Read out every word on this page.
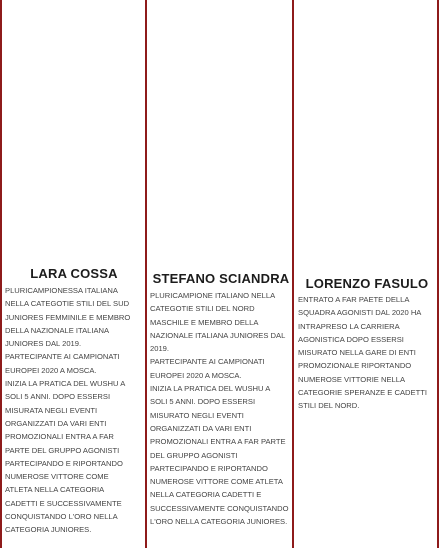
LARA COSSA

PLURICAMPIONESSA ITALIANA
NELLA CATEGOTIE STILI DEL SUD
JUNIORES FEMMINILE E MEMBRO
DELLA NAZIONALE ITALIANA
JUNIORES DAL 2019.
PARTECIPANTE AI CAMPIONATI
EUROPEI 2020 A MOSCA.
INIZIA LA PRATICA DEL WUSHU A
SOLI 5 ANNI. DOPO ESSERSI
MISURATA NEGLI EVENTI
ORGANIZZATI DA VARI ENTI
PROMOZIONALI ENTRA A FAR
PARTE DEL GRUPPO AGONISTI
PARTECIPANDO E RIPORTANDO
NUMEROSE VITTORE COME
ATLETA NELLA CATEGORIA
CADETTI E SUCCESSIVAMENTE
CONQUISTANDO L'ORO NELLA
CATEGORIA JUNIORES.

STEFANO SCIANDRA

PLURICAMPIONE ITALIANO NELLA
CATEGOTIE STILI DEL NORD
MASCHILE E MEMBRO DELLA
NAZIONALE ITALIANA JUNIORES DAL
2019.
PARTECIPANTE AI CAMPIONATI
EUROPEI 2020 A MOSCA.
INIZIA LA PRATICA DEL WUSHU A
SOLI 5 ANNI. DOPO ESSERSI
MISURATO NEGLI EVENTI
ORGANIZZATI DA VARI ENTI
PROMOZIONALI ENTRA A FAR PARTE
DEL GRUPPO AGONISTI
PARTECIPANDO E RIPORTANDO
NUMEROSE VITTORE COME ATLETA
NELLA CATEGORIA CADETTI E
SUCCESSIVAMENTE CONQUISTANDO
L'ORO NELLA CATEGORIA JUNIORES.

LORENZO FASULO

ENTRATO A FAR PAETE DELLA
SQUADRA AGONISTI DAL 2020 HA
INTRAPRESO LA CARRIERA
AGONISTICA DOPO ESSERSI
MISURATO NELLA GARE DI ENTI
PROMOZIONALE RIPORTANDO
NUMEROSE VITTORIE NELLA
CATEGORIE SPERANZE E CADETTI
STILI DEL NORD.
